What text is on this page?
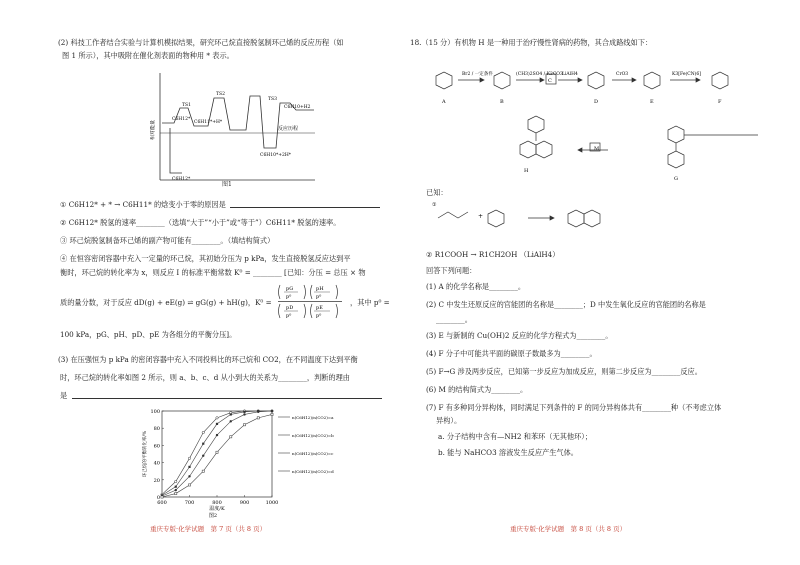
(2) 科技工作者结合实验与计算机模拟结果，研究环己烷直接脱氢制环己烯的反应历程（如
图 1 所示），其中吸附在催化剂表面的物种用 * 表示。
相对能量	反应历程
C6H12*
TS1
C6H11*+H*
TS2
C6H10*+2H*
TS3
C6H10+H2
C6H12*
图1
① C6H12* + * → C6H11* 的焓变小于零的原因是
② C6H12* 脱氢的速率________（选填“大于”“小于”或“等于”）C6H11* 脱氢的速率。
③ 环己烷脱氢制备环己烯的副产物可能有________。（填结构简式）
④ 在恒容密闭容器中充入一定量的环己烷，其初始分压为 p kPa，发生直接脱氢反应达到平
衡时，环己烷的转化率为 x，则反应 I 的标准平衡常数 K⁰ = ________ [已知：分压 = 总压 × 物
质的量分数，对于反应 dD(g) + eE(g) ⇌ gG(g) + hH(g)，K⁰ =
pG
p⁰
pH
p⁰
pD
p⁰
pE
p⁰
，其中 p⁰ =
100 kPa，pG、pH、pD、pE 为各组分的平衡分压]。
(3) 在压强恒为 p kPa 的密闭容器中充入不同投料比的环己烷和 CO2，在不同温度下达到平衡
时，环己烷的转化率如图 2 所示，则 a、b、c、d 从小到大的关系为________，判断的理由
是
600	700	800	900	1000
0
20
40
60
80
100
温度/K
环己烷的平衡转化率/%
图2
n(C6H12)/n(CO2)=a
n(C6H12)/n(CO2)=b
n(C6H12)/n(CO2)=c
n(C6H12)/n(CO2)=d
重庆专版·化学试题　第 7 页（共 8 页）
18.（15 分）有机物 H 是一种用于治疗慢性肾病的药物，其合成路线如下：
Br2 / 一定条件	(CH3)2SO4 / K2CO3 LiAlH4	CrO3	K3[Fe(CN)6]
A	B
C
D	E	F
M
H
G
已知：
①
+
② R1COOH → R1CH2OH （LiAlH4）
回答下列问题：
(1) A 的化学名称是________。
(2) C 中发生还原反应的官能团的名称是________；D 中发生氧化反应的官能团的名称是
________。
(3) E 与新制的 Cu(OH)2 反应的化学方程式为________。
(4) F 分子中可能共平面的碳原子数最多为________。
(5) F→G 涉及两步反应，已知第一步反应为加成反应，则第二步反应为________反应。
(6) M 的结构简式为________。
(7) F 有多种同分异构体，同时满足下列条件的 F 的同分异构体共有________种（不考虑立体
异构）。
a. 分子结构中含有—NH2 和苯环（无其他环）；
b. 能与 NaHCO3 溶液发生反应产生气体。
重庆专版·化学试题　第 8 页（共 8 页）
